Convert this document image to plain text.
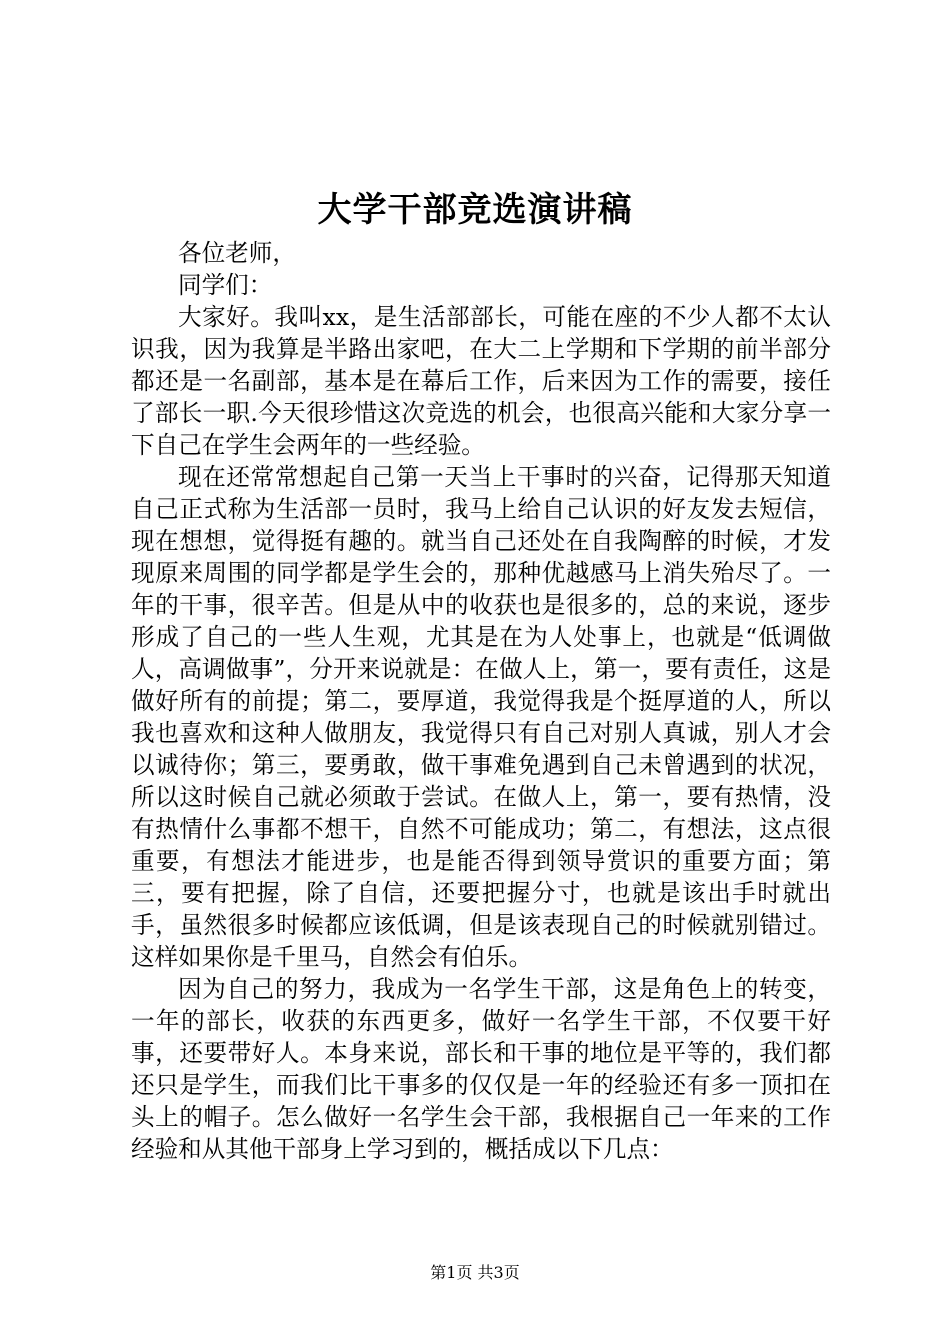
大学干部竞选演讲稿

各位老师，

同学们：

大家好。我叫xx，是生活部部长，可能在座的不少人都不太认识我，因为我算是半路出家吧，在大二上学期和下学期的前半部分都还是一名副部，基本是在幕后工作，后来因为工作的需要，接任了部长一职.今天很珍惜这次竞选的机会，也很高兴能和大家分享一下自己在学生会两年的一些经验。

现在还常常想起自己第一天当上干事时的兴奋，记得那天知道自己正式称为生活部一员时，我马上给自己认识的好友发去短信，现在想想，觉得挺有趣的。就当自己还处在自我陶醉的时候，才发现原来周围的同学都是学生会的，那种优越感马上消失殆尽了。一年的干事，很辛苦。但是从中的收获也是很多的，总的来说，逐步形成了自己的一些人生观，尤其是在为人处事上，也就是“低调做人，高调做事”，分开来说就是：在做人上，第一，要有责任，这是做好所有的前提；第二，要厚道，我觉得我是个挺厚道的人，所以我也喜欢和这种人做朋友，我觉得只有自己对别人真诚，别人才会以诚待你；第三，要勇敢，做干事难免遇到自己未曾遇到的状况，所以这时候自己就必须敢于尝试。在做人上，第一，要有热情，没有热情什么事都不想干，自然不可能成功；第二，有想法，这点很重要，有想法才能进步，也是能否得到领导赏识的重要方面；第三，要有把握，除了自信，还要把握分寸，也就是该出手时就出手，虽然很多时候都应该低调，但是该表现自己的时候就别错过。这样如果你是千里马，自然会有伯乐。

因为自己的努力，我成为一名学生干部，这是角色上的转变，一年的部长，收获的东西更多，做好一名学生干部，不仅要干好事，还要带好人。本身来说，部长和干事的地位是平等的，我们都还只是学生，而我们比干事多的仅仅是一年的经验还有多一顶扣在头上的帽子。怎么做好一名学生会干部，我根据自己一年来的工作经验和从其他干部身上学习到的，概括成以下几点：

第1页 共3页
